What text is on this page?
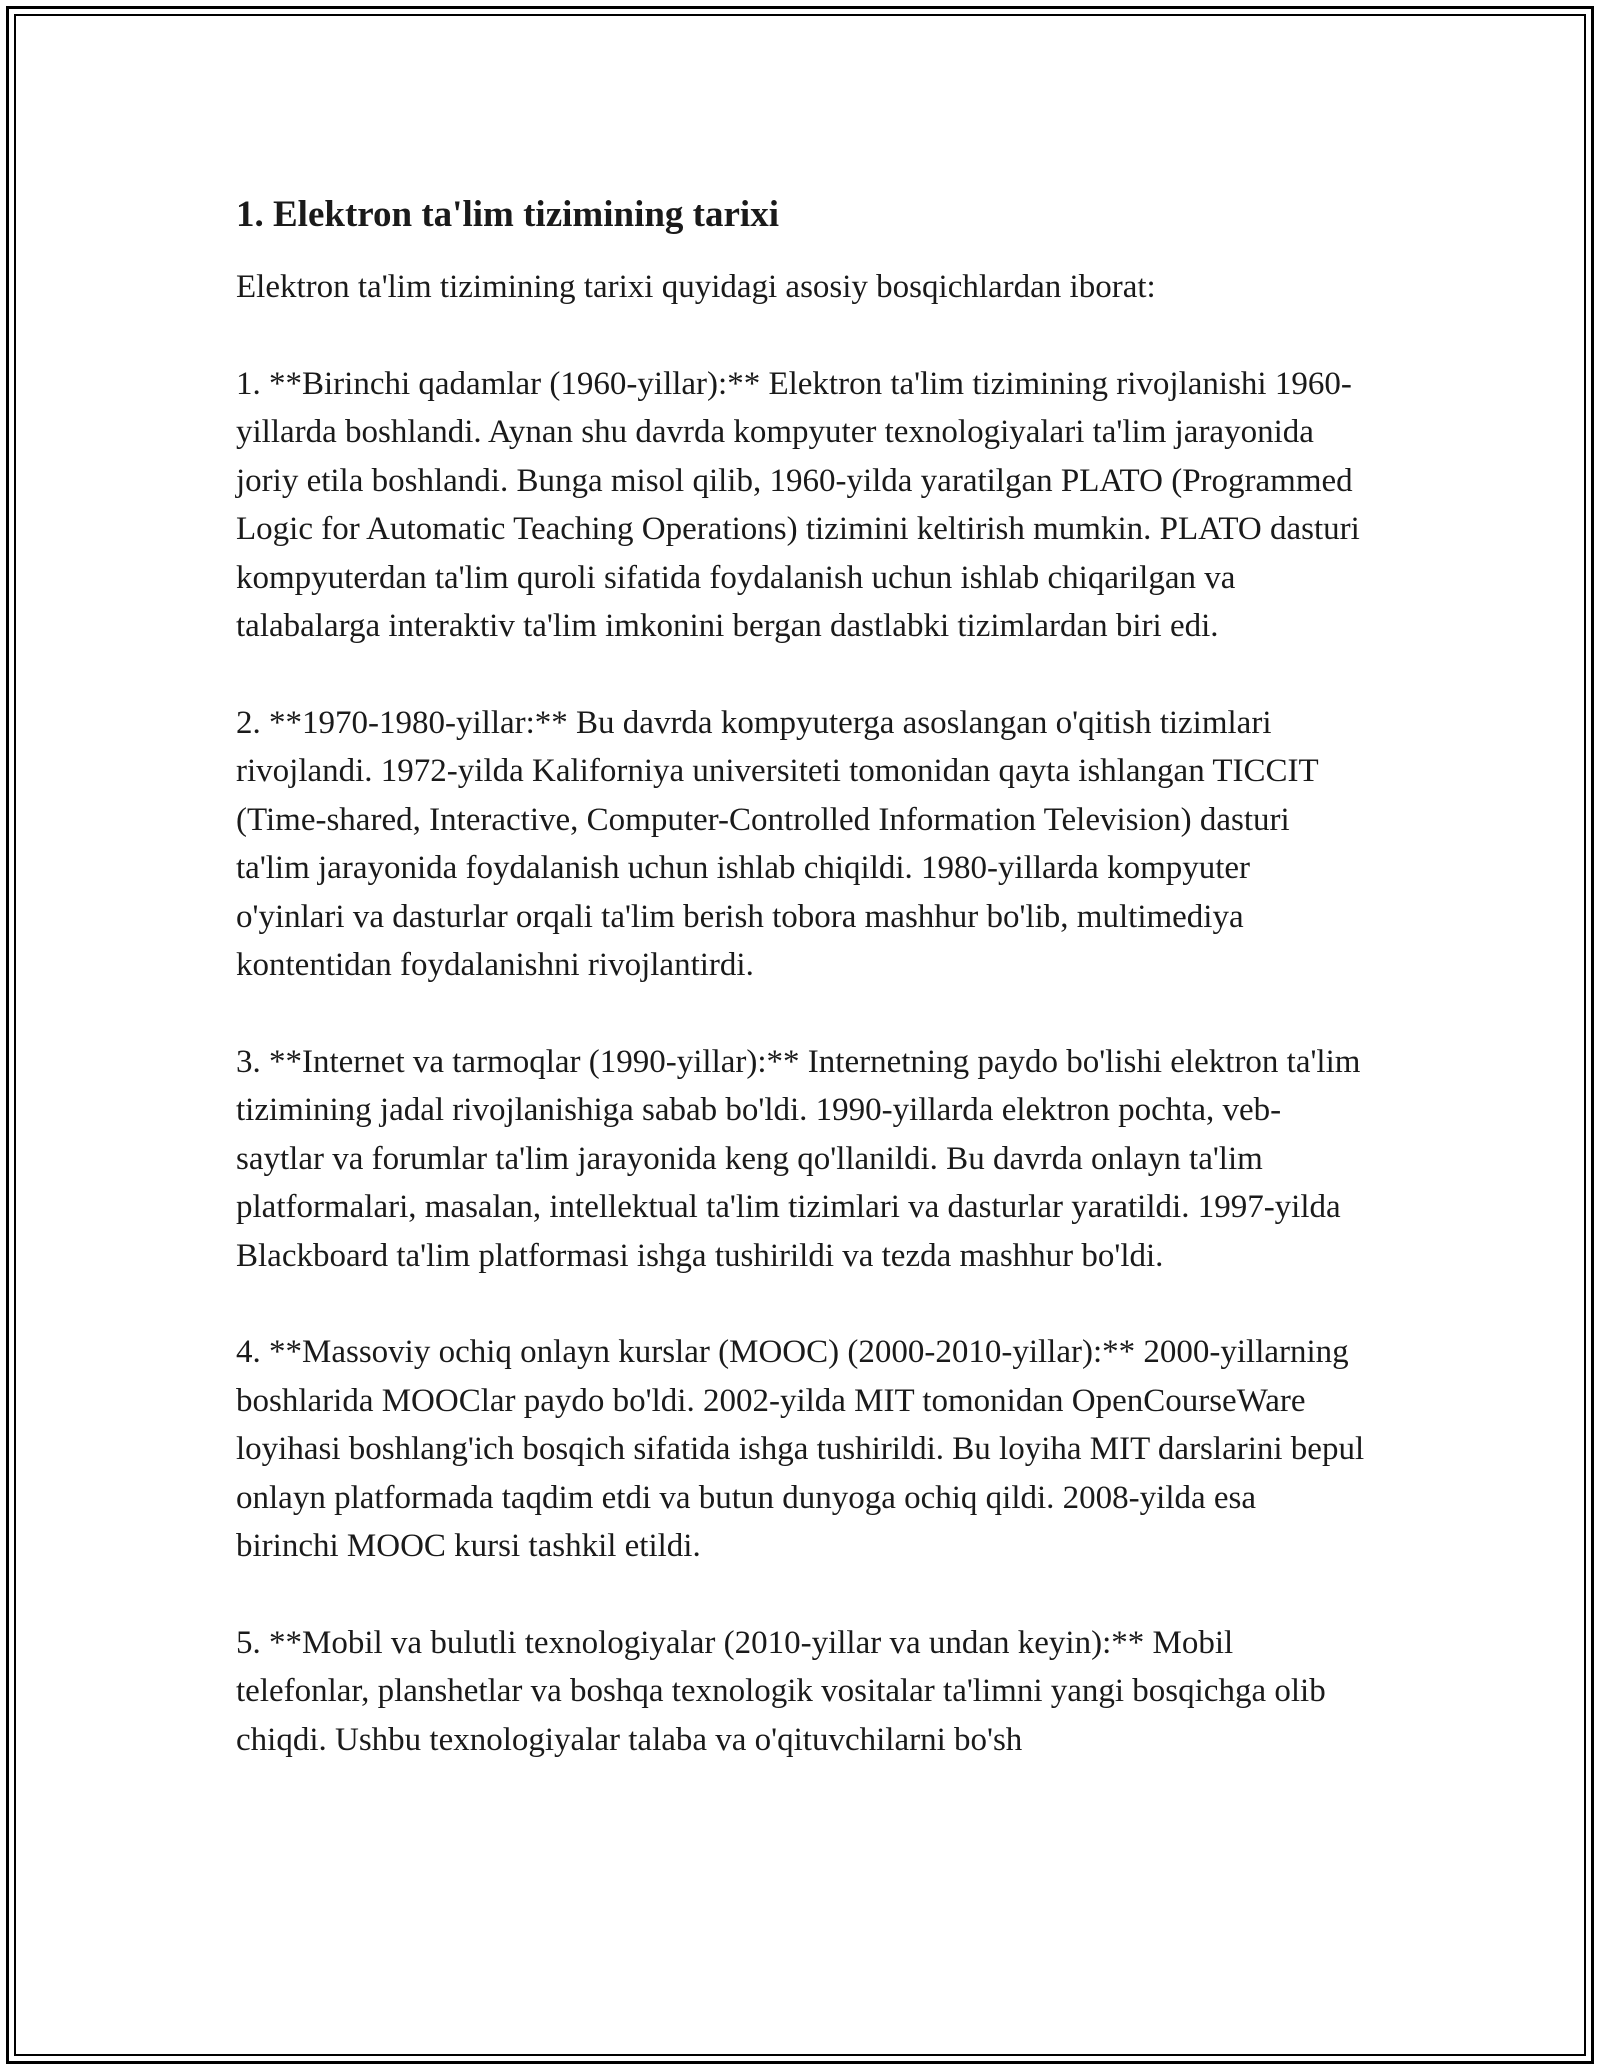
1. Elektron ta'lim tizimining tarixi

Elektron ta'lim tizimining tarixi quyidagi asosiy bosqichlardan iborat:

1. **Birinchi qadamlar (1960-yillar):** Elektron ta'lim tizimining rivojlanishi 1960-yillarda boshlandi. Aynan shu davrda kompyuter texnologiyalari ta'lim jarayonida joriy etila boshlandi. Bunga misol qilib, 1960-yilda yaratilgan PLATO (Programmed Logic for Automatic Teaching Operations) tizimini keltirish mumkin. PLATO dasturi kompyuterdan ta'lim quroli sifatida foydalanish uchun ishlab chiqarilgan va talabalarga interaktiv ta'lim imkonini bergan dastlabki tizimlardan biri edi.

2. **1970-1980-yillar:** Bu davrda kompyuterga asoslangan o'qitish tizimlari rivojlandi. 1972-yilda Kaliforniya universiteti tomonidan qayta ishlangan TICCIT (Time-shared, Interactive, Computer-Controlled Information Television) dasturi ta'lim jarayonida foydalanish uchun ishlab chiqildi. 1980-yillarda kompyuter o'yinlari va dasturlar orqali ta'lim berish tobora mashhur bo'lib, multimediya kontentidan foydalanishni rivojlantirdi.

3. **Internet va tarmoqlar (1990-yillar):** Internetning paydo bo'lishi elektron ta'lim tizimining jadal rivojlanishiga sabab bo'ldi. 1990-yillarda elektron pochta, veb-saytlar va forumlar ta'lim jarayonida keng qo'llanildi. Bu davrda onlayn ta'lim platformalari, masalan, intellektual ta'lim tizimlari va dasturlar yaratildi. 1997-yilda Blackboard ta'lim platformasi ishga tushirildi va tezda mashhur bo'ldi.

4. **Massoviy ochiq onlayn kurslar (MOOC) (2000-2010-yillar):** 2000-yillarning boshlarida MOOClar paydo bo'ldi. 2002-yilda MIT tomonidan OpenCourseWare loyihasi boshlang'ich bosqich sifatida ishga tushirildi. Bu loyiha MIT darslarini bepul onlayn platformada taqdim etdi va butun dunyoga ochiq qildi. 2008-yilda esa birinchi MOOC kursi tashkil etildi.

5. **Mobil va bulutli texnologiyalar (2010-yillar va undan keyin):** Mobil telefonlar, planshetlar va boshqa texnologik vositalar ta'limni yangi bosqichga olib chiqdi. Ushbu texnologiyalar talaba va o'qituvchilarni bo'sh
